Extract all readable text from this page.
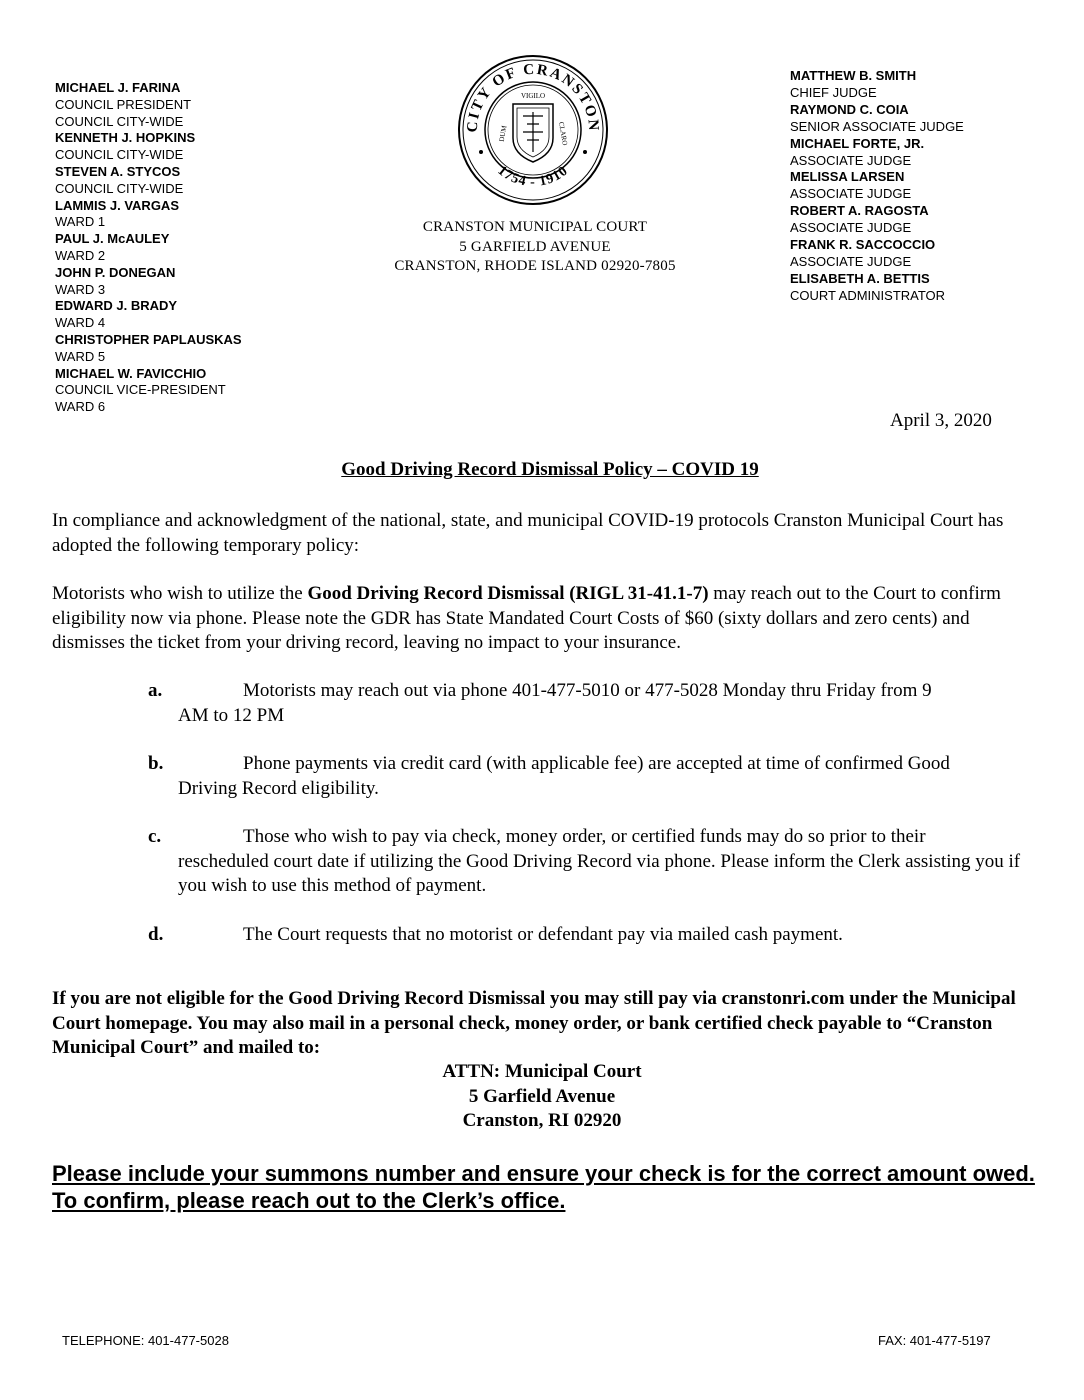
MICHAEL J. FARINA
COUNCIL PRESIDENT
COUNCIL CITY-WIDE
KENNETH J. HOPKINS
COUNCIL CITY-WIDE
STEVEN A. STYCOS
COUNCIL CITY-WIDE
LAMMIS J. VARGAS
WARD 1
PAUL J. McAULEY
WARD 2
JOHN P. DONEGAN
WARD 3
EDWARD J. BRADY
WARD 4
CHRISTOPHER PAPLAUSKAS
WARD 5
MICHAEL W. FAVICCHIO
COUNCIL VICE-PRESIDENT
WARD 6
CITY OF CRANSTON
1754 - 1910
VIGILO
DUM	CLARO
CRANSTON MUNICIPAL COURT
5 GARFIELD AVENUE
CRANSTON, RHODE ISLAND 02920-7805
MATTHEW B. SMITH
CHIEF JUDGE
RAYMOND C. COIA
SENIOR ASSOCIATE JUDGE
MICHAEL FORTE, JR.
ASSOCIATE JUDGE
MELISSA LARSEN
ASSOCIATE JUDGE
ROBERT A. RAGOSTA
ASSOCIATE JUDGE
FRANK R. SACCOCCIO
ASSOCIATE JUDGE
ELISABETH A. BETTIS
COURT ADMINISTRATOR
April 3, 2020
Good Driving Record Dismissal Policy – COVID 19
In compliance and acknowledgment of the national, state, and municipal COVID-19 protocols Cranston Municipal Court has adopted the following temporary policy:
Motorists who wish to utilize the Good Driving Record Dismissal (RIGL 31-41.1-7) may reach out to the Court to confirm eligibility now via phone. Please note the GDR has State Mandated Court Costs of $60 (sixty dollars and zero cents) and dismisses the ticket from your driving record, leaving no impact to your insurance.
a.	Motorists may reach out via phone 401-477-5010 or 477-5028 Monday thru Friday from 9
AM to 12 PM
b.	Phone payments via credit card (with applicable fee) are accepted at time of confirmed Good
Driving Record eligibility.
c.	Those who wish to pay via check, money order, or certified funds may do so prior to their
rescheduled court date if utilizing the Good Driving Record via phone. Please inform the Clerk assisting you if you wish to use this method of payment.
d.	The Court requests that no motorist or defendant pay via mailed cash payment.
If you are not eligible for the Good Driving Record Dismissal you may still pay via cranstonri.com under the Municipal Court homepage. You may also mail in a personal check, money order, or bank certified check payable to “Cranston Municipal Court” and mailed to:
ATTN: Municipal Court
5 Garfield Avenue
Cranston, RI 02920
Please include your summons number and ensure your check is for the correct amount owed. To confirm, please reach out to the Clerk’s office.
TELEPHONE: 401-477-5028	FAX: 401-477-5197
